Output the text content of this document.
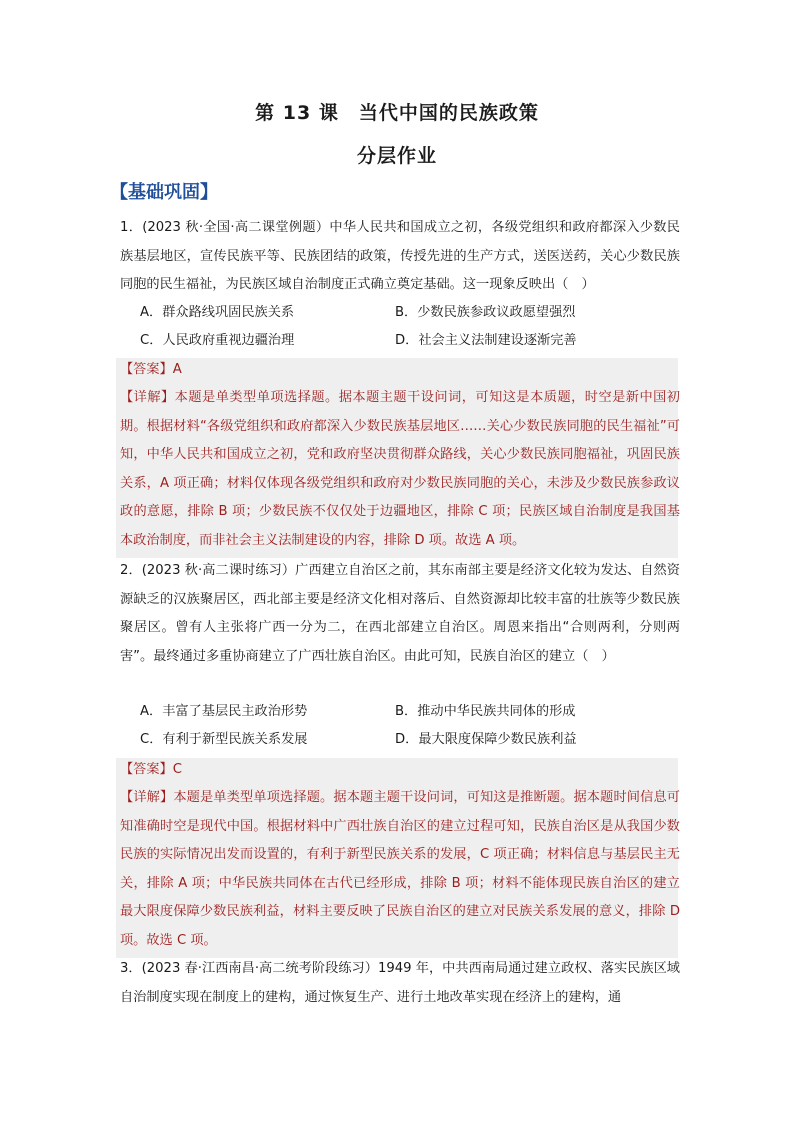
第 13 课　当代中国的民族政策
分层作业
【基础巩固】

1．(2023 秋·全国·高二课堂例题）中华人民共和国成立之初，各级党组织和政府都深入少数民族基层地区，宣传民族平等、民族团结的政策，传授先进的生产方式，送医送药，关心少数民族同胞的民生福祉，为民族区域自治制度正式确立奠定基础。这一现象反映出（　）

A．群众路线巩固民族关系	B．少数民族参政议政愿望强烈
C．人民政府重视边疆治理	D．社会主义法制建设逐渐完善

【答案】A

【详解】本题是单类型单项选择题。据本题主题干设问词，可知这是本质题，时空是新中国初期。根据材料“各级党组织和政府都深入少数民族基层地区……关心少数民族同胞的民生福祉”可知，中华人民共和国成立之初，党和政府坚决贯彻群众路线，关心少数民族同胞福祉，巩固民族关系，A 项正确；材料仅体现各级党组织和政府对少数民族同胞的关心，未涉及少数民族参政议政的意愿，排除 B 项；少数民族不仅仅处于边疆地区，排除 C 项；民族区域自治制度是我国基本政治制度，而非社会主义法制建设的内容，排除 D 项。故选 A 项。

2．(2023 秋·高二课时练习）广西建立自治区之前，其东南部主要是经济文化较为发达、自然资源缺乏的汉族聚居区，西北部主要是经济文化相对落后、自然资源却比较丰富的壮族等少数民族聚居区。曾有人主张将广西一分为二，在西北部建立自治区。周恩来指出“合则两利，分则两害”。最终通过多重协商建立了广西壮族自治区。由此可知，民族自治区的建立（　）

A．丰富了基层民主政治形势	B．推动中华民族共同体的形成
C．有利于新型民族关系发展	D．最大限度保障少数民族利益

【答案】C

【详解】本题是单类型单项选择题。据本题主题干设问词，可知这是推断题。据本题时间信息可知准确时空是现代中国。根据材料中广西壮族自治区的建立过程可知，民族自治区是从我国少数民族的实际情况出发而设置的，有利于新型民族关系的发展，C 项正确；材料信息与基层民主无关，排除 A 项；中华民族共同体在古代已经形成，排除 B 项；材料不能体现民族自治区的建立最大限度保障少数民族利益，材料主要反映了民族自治区的建立对民族关系发展的意义，排除 D 项。故选 C 项。

3．(2023 春·江西南昌·高二统考阶段练习）1949 年，中共西南局通过建立政权、落实民族区域自治制度实现在制度上的建构，通过恢复生产、进行土地改革实现在经济上的建构，通
